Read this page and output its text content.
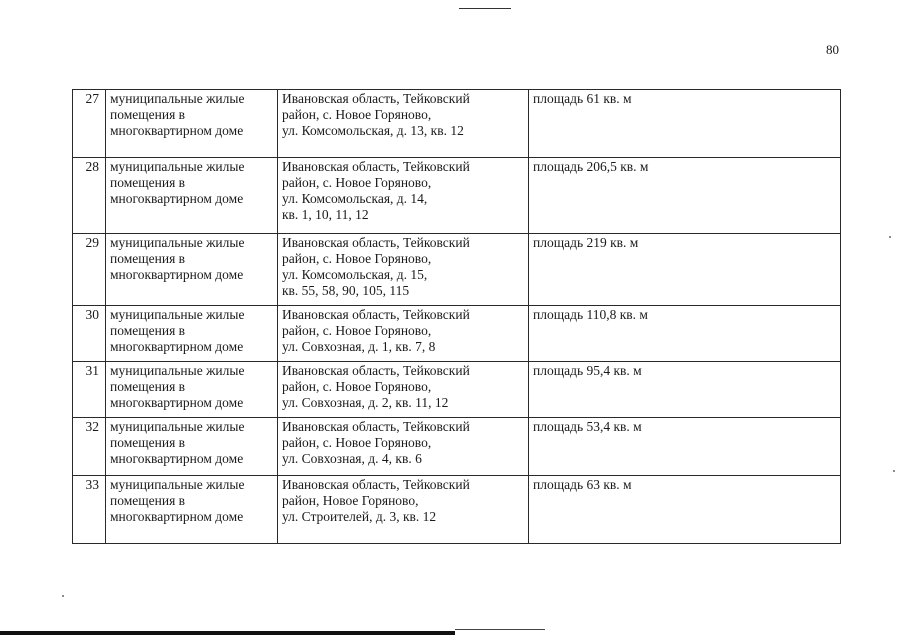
80
27	муниципальные жилые
помещения в
многоквартирном доме	Ивановская область, Тейковский
район, с. Новое Горяново,
ул. Комсомольская, д. 13, кв. 12	площадь 61 кв. м
28	муниципальные жилые
помещения в
многоквартирном доме	Ивановская область, Тейковский
район, с. Новое Горяново,
ул. Комсомольская, д. 14,
кв. 1, 10, 11, 12	площадь 206,5 кв. м
29	муниципальные жилые
помещения в
многоквартирном доме	Ивановская область, Тейковский
район, с. Новое Горяново,
ул. Комсомольская, д. 15,
кв. 55, 58, 90, 105, 115	площадь 219 кв. м
30	муниципальные жилые
помещения в
многоквартирном доме	Ивановская область, Тейковский
район, с. Новое Горяново,
ул. Совхозная, д. 1, кв. 7, 8	площадь 110,8 кв. м
31	муниципальные жилые
помещения в
многоквартирном доме	Ивановская область, Тейковский
район, с. Новое Горяново,
ул. Совхозная, д. 2, кв. 11, 12	площадь 95,4 кв. м
32	муниципальные жилые
помещения в
многоквартирном доме	Ивановская область, Тейковский
район, с. Новое Горяново,
ул. Совхозная, д. 4, кв. 6	площадь 53,4 кв. м
33	муниципальные жилые
помещения в
многоквартирном доме	Ивановская область, Тейковский
район, Новое Горяново,
ул. Строителей, д. 3, кв. 12	площадь 63 кв. м
